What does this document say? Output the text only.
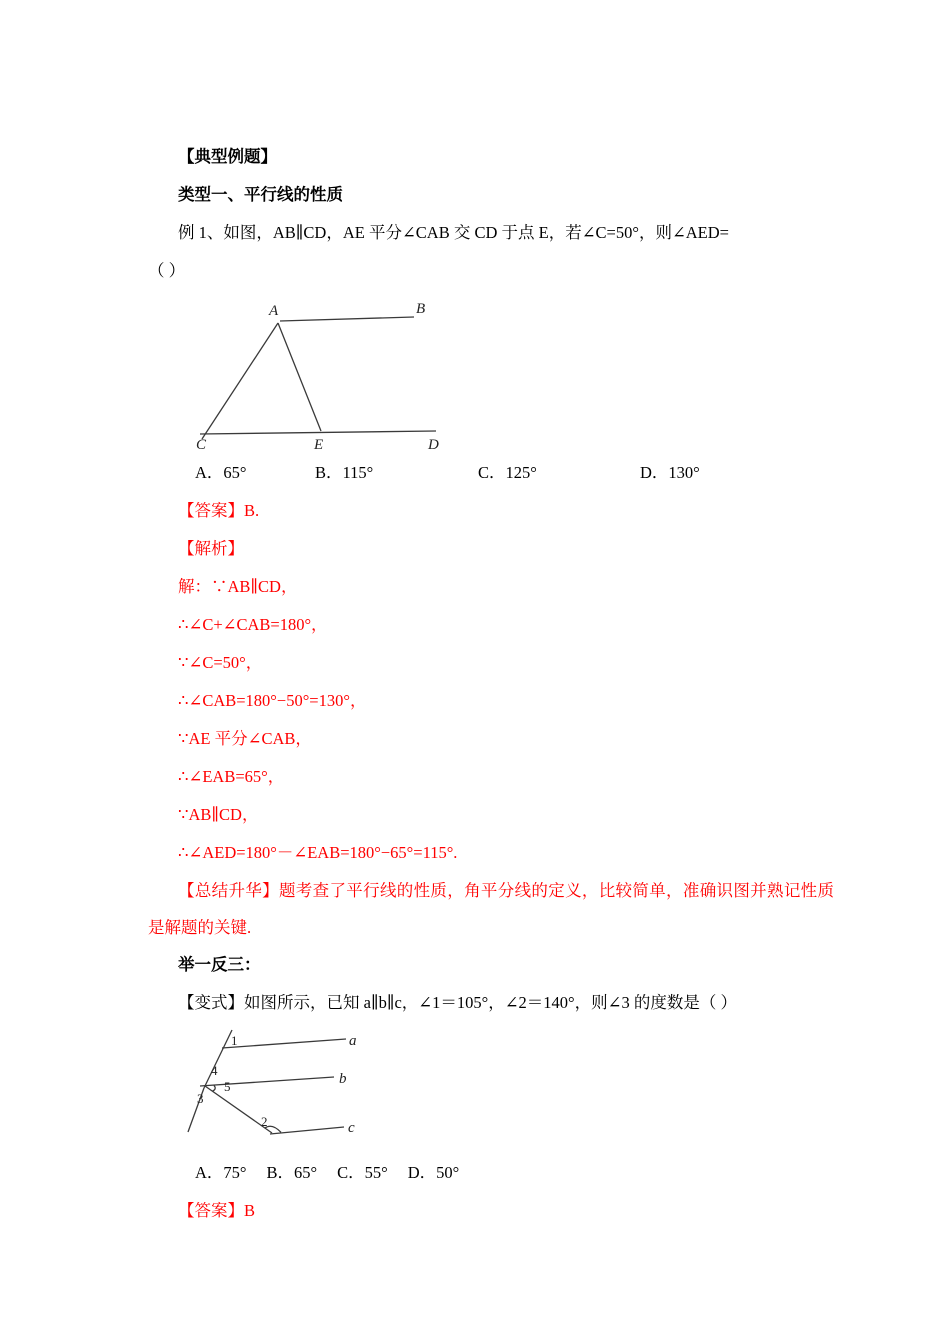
【典型例题】
类型一、平行线的性质

例 1、如图，AB∥CD，AE 平分∠CAB 交 CD 于点 E，若∠C=50°，则∠AED=

（ ）

A	B
C	E	D
A．65°	B．115°	C．125°	D．130°

【答案】B.

【解析】

解：∵AB∥CD，

∴∠C+∠CAB=180°，

∵∠C=50°，

∴∠CAB=180°−50°=130°，

∵AE 平分∠CAB，

∴∠EAB=65°，

∵AB∥CD，

∴∠AED=180°－∠EAB=180°−65°=115°.

【总结升华】题考查了平行线的性质，角平分线的定义，比较简单，准确识图并熟记性质是解题的关键.

举一反三：

【变式】如图所示，已知 a∥b∥c，∠1＝105°，∠2＝140°，则∠3 的度数是（ ）

a
b
c
1
4
5
3
2
A．75° B．65° C．55° D．50°

【答案】B
